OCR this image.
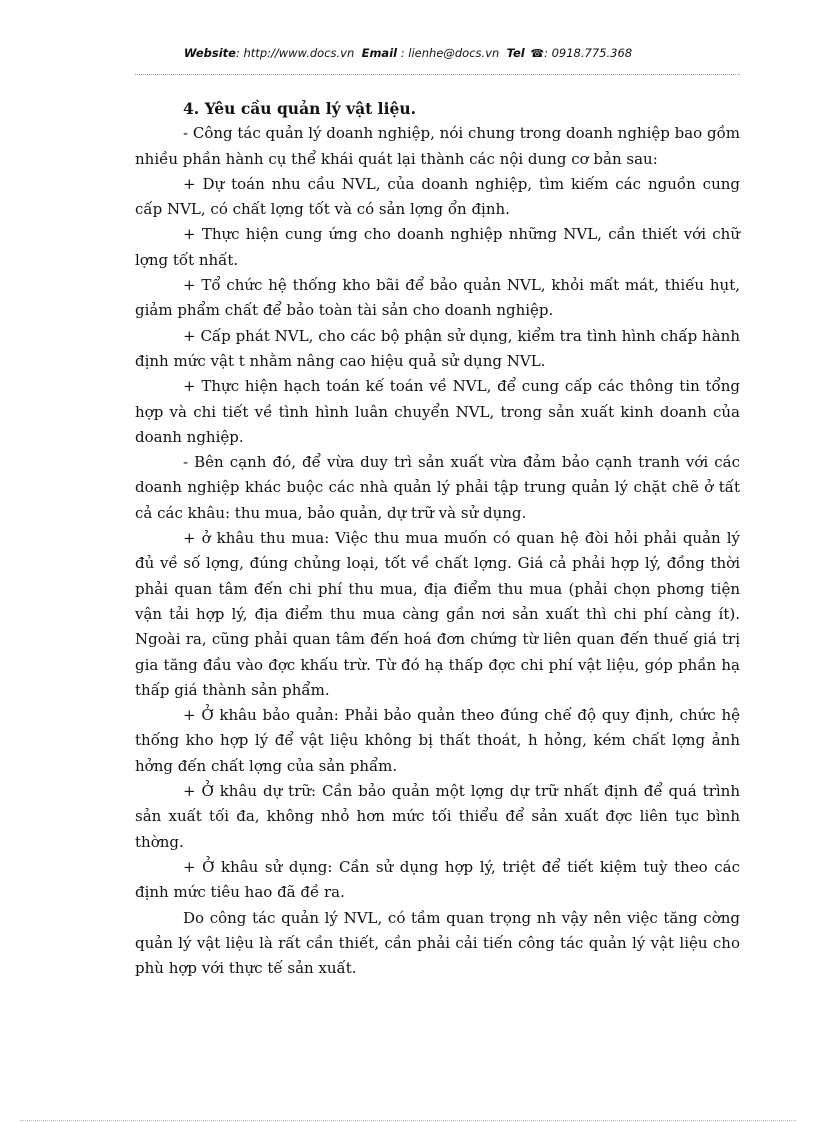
Website: http://www.docs.vn Email : lienhe@docs.vn Tel ☎: 0918.775.368

4. Yêu cầu quản lý vật liệu.

- Công tác quản lý doanh nghiệp, nói chung trong doanh nghiệp bao gồm nhiều phần hành cụ thể khái quát lại thành các nội dung cơ bản sau:

+ Dự toán nhu cầu NVL, của doanh nghiệp, tìm kiếm các nguồn cung cấp NVL, có chất lợng tốt và có sản lợng ổn định.

+ Thực hiện cung ứng cho doanh nghiệp những NVL, cần thiết với chữ lợng tốt nhất.

+ Tổ chức hệ thống kho bãi để bảo quản NVL, khỏi mất mát, thiếu hụt, giảm phẩm chất để bảo toàn tài sản cho doanh nghiệp.

+ Cấp phát NVL, cho các bộ phận sử dụng, kiểm tra tình hình chấp hành định mức vật t nhằm nâng cao hiệu quả sử dụng NVL.

+ Thực hiện hạch toán kế toán về NVL, để cung cấp các thông tin tổng hợp và chi tiết về tình hình luân chuyển NVL, trong sản xuất kinh doanh của doanh nghiệp.

- Bên cạnh đó, để vừa duy trì sản xuất vừa đảm bảo cạnh tranh với các doanh nghiệp khác buộc các nhà quản lý phải tập trung quản lý chặt chẽ ở tất cả các khâu: thu mua, bảo quản, dự trữ và sử dụng.

+ ở khâu thu mua: Việc thu mua muốn có quan hệ đòi hỏi phải quản lý đủ về số lợng, đúng chủng loại, tốt về chất lợng. Giá cả phải hợp lý, đồng thời phải quan tâm đến chi phí thu mua, địa điểm thu mua (phải chọn phơng tiện vận tải hợp lý, địa điểm thu mua càng gần nơi sản xuất thì chi phí càng ít). Ngoài ra, cũng phải quan tâm đến hoá đơn chứng từ liên quan đến thuế giá trị gia tăng đầu vào đợc khấu trừ. Từ đó hạ thấp đợc chi phí vật liệu, góp phần hạ thấp giá thành sản phẩm.

+ Ở khâu bảo quản: Phải bảo quản theo đúng chế độ quy định, chức hệ thống kho hợp lý để vật liệu không bị thất thoát, h hỏng, kém chất lợng ảnh hởng đến chất lợng của sản phẩm.

+ Ở khâu dự trữ: Cần bảo quản một lợng dự trữ nhất định để quá trình sản xuất tối đa, không nhỏ hơn mức tối thiểu để sản xuất đợc liên tục bình thờng.

+ Ở khâu sử dụng: Cần sử dụng hợp lý, triệt để tiết kiệm tuỳ theo các định mức tiêu hao đã đề ra.

Do công tác quản lý NVL, có tầm quan trọng nh vậy nên việc tăng cờng quản lý vật liệu là rất cần thiết, cần phải cải tiến công tác quản lý vật liệu cho phù hợp với thực tế sản xuất.
